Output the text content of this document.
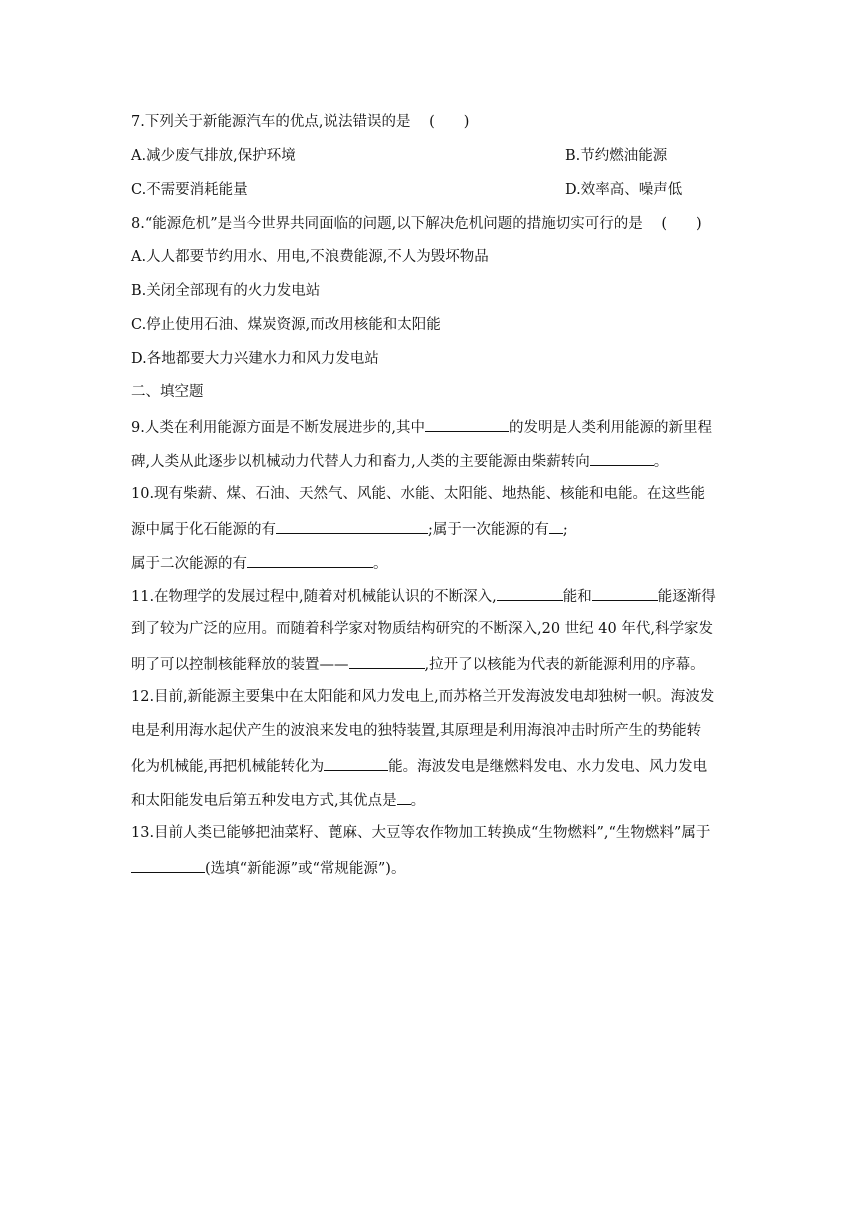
7.下列关于新能源汽车的优点,说法错误的是 (　　)
A.减少废气排放,保护环境	B.节约燃油能源
C.不需要消耗能量	D.效率高、噪声低
8.“能源危机”是当今世界共同面临的问题,以下解决危机问题的措施切实可行的是 (　　)
A.人人都要节约用水、用电,不浪费能源,不人为毁坏物品
B.关闭全部现有的火力发电站
C.停止使用石油、煤炭资源,而改用核能和太阳能
D.各地都要大力兴建水力和风力发电站
二、填空题
9.人类在利用能源方面是不断发展进步的,其中	的发明是人类利用能源的新里程
碑,人类从此逐步以机械动力代替人力和畜力,人类的主要能源由柴薪转向	。
10.现有柴薪、煤、石油、天然气、风能、水能、太阳能、地热能、核能和电能。在这些能
源中属于化石能源的有	;属于一次能源的有 ;
属于二次能源的有	。
11.在物理学的发展过程中,随着对机械能认识的不断深入,	能和	能逐渐得
到了较为广泛的应用。而随着科学家对物质结构研究的不断深入,20 世纪 40 年代,科学家发
明了可以控制核能释放的装置——	,拉开了以核能为代表的新能源利用的序幕。
12.目前,新能源主要集中在太阳能和风力发电上,而苏格兰开发海波发电却独树一帜。海波发
电是利用海水起伏产生的波浪来发电的独特装置,其原理是利用海浪冲击时所产生的势能转
化为机械能,再把机械能转化为	能。海波发电是继燃料发电、水力发电、风力发电
和太阳能发电后第五种发电方式,其优点是 。
13.目前人类已能够把油菜籽、蓖麻、大豆等农作物加工转换成“生物燃料”,“生物燃料”属于
(选填“新能源”或“常规能源”)。
